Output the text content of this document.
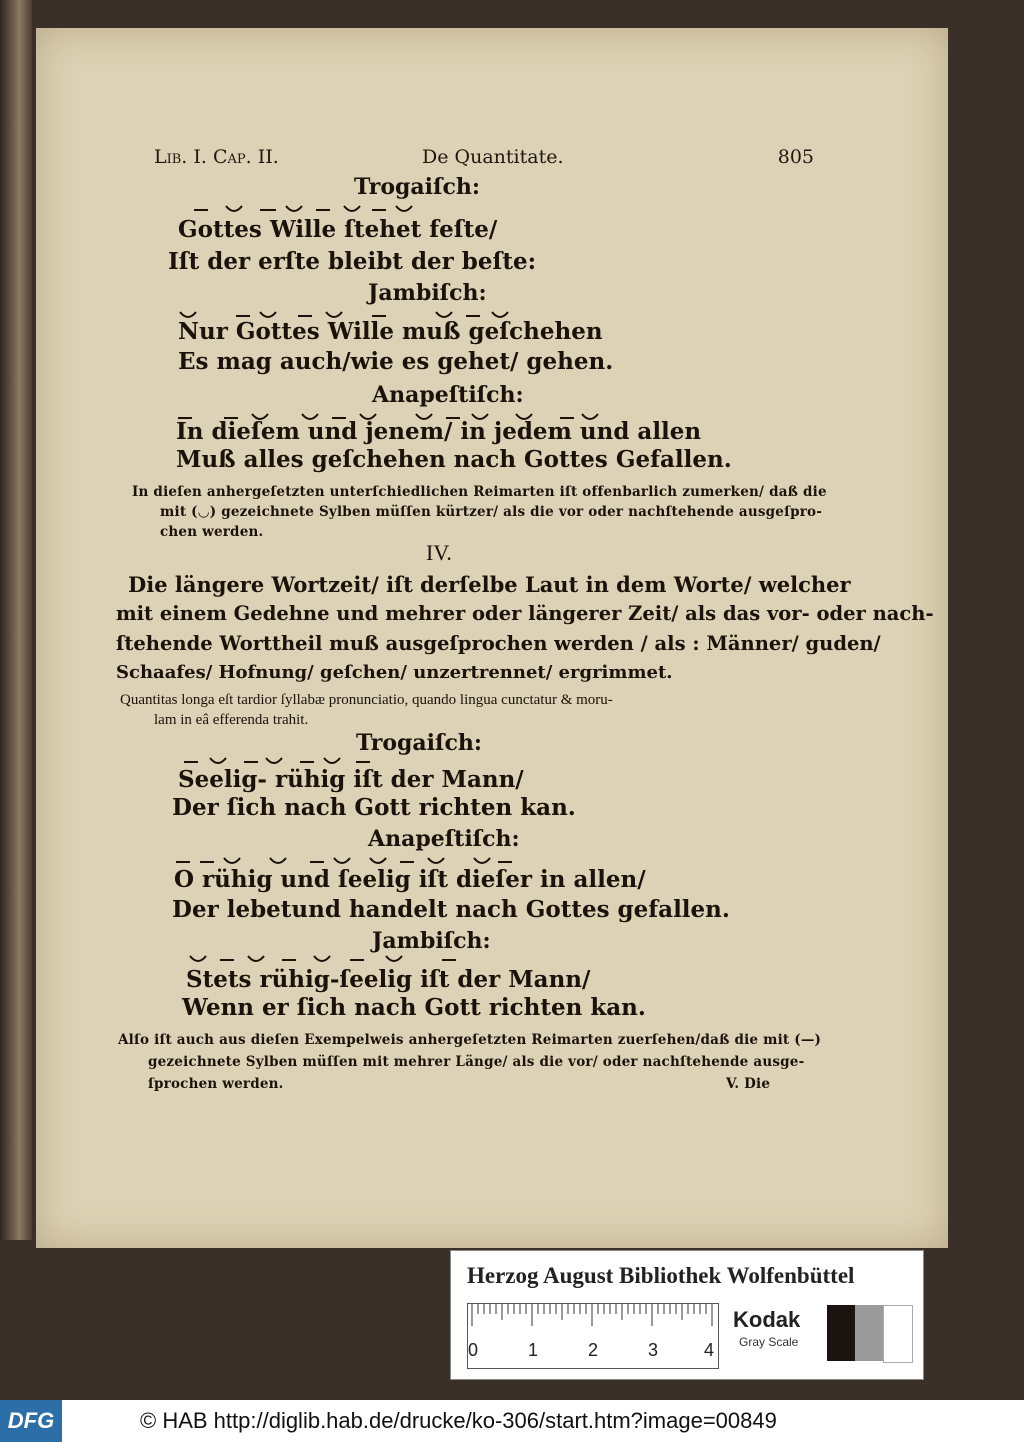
Lib. I. Cap. II.	De Quantitate.	805
Trogaiſch:
Gottes Wille ſtehet feſte/
Iſt der erſte bleibt der beſte:
Jambiſch:
Nur Gottes Wille muß geſchehen
Es mag auch/wie es gehet/ gehen.
Anapeſtiſch:
In dieſem und jenem/ in jedem und allen
Muß alles geſchehen nach Gottes Gefallen.
In dieſen anhergeſetzten unterſchiedlichen Reimarten iſt offenbarlich zumerken/ daß die
mit (◡) gezeichnete Sylben müſſen kürtzer/ als die vor oder nachſtehende ausgeſpro-
chen werden.
IV.
Die längere Wortzeit/ iſt derſelbe Laut in dem Worte/ welcher
mit einem Gedehne und mehrer oder längerer Zeit/ als das vor- oder nach-
ſtehende Worttheil muß ausgeſprochen werden / als : Männer/ guden/
Schaafes/ Hofnung/ geſchen/ unzertrennet/ ergrimmet.
Quantitas longa eſt tardior ſyllabæ pronunciatio, quando lingua cunctatur & moru-
lam in eâ efferenda trahit.
Trogaiſch:
Seelig- rühig iſt der Mann/
Der ſich nach Gott richten kan.
Anapeſtiſch:
O rühig und ſeelig iſt dieſer in allen/
Der lebetund handelt nach Gottes gefallen.
Jambiſch:
Stets rühig-ſeelig iſt der Mann/
Wenn er ſich nach Gott richten kan.
Alſo iſt auch aus dieſen Exempelweis anhergeſetzten Reimarten zuerſehen/daß die mit (—)
gezeichnete Sylben müſſen mit mehrer Länge/ als die vor/ oder nachſtehende ausge-
ſprochen werden.	V. Die
Herzog August Bibliothek Wolfenbüttel
0	1	2	3	4
Kodak
Gray Scale
DFG	© HAB http://diglib.hab.de/drucke/ko-306/start.htm?image=00849
